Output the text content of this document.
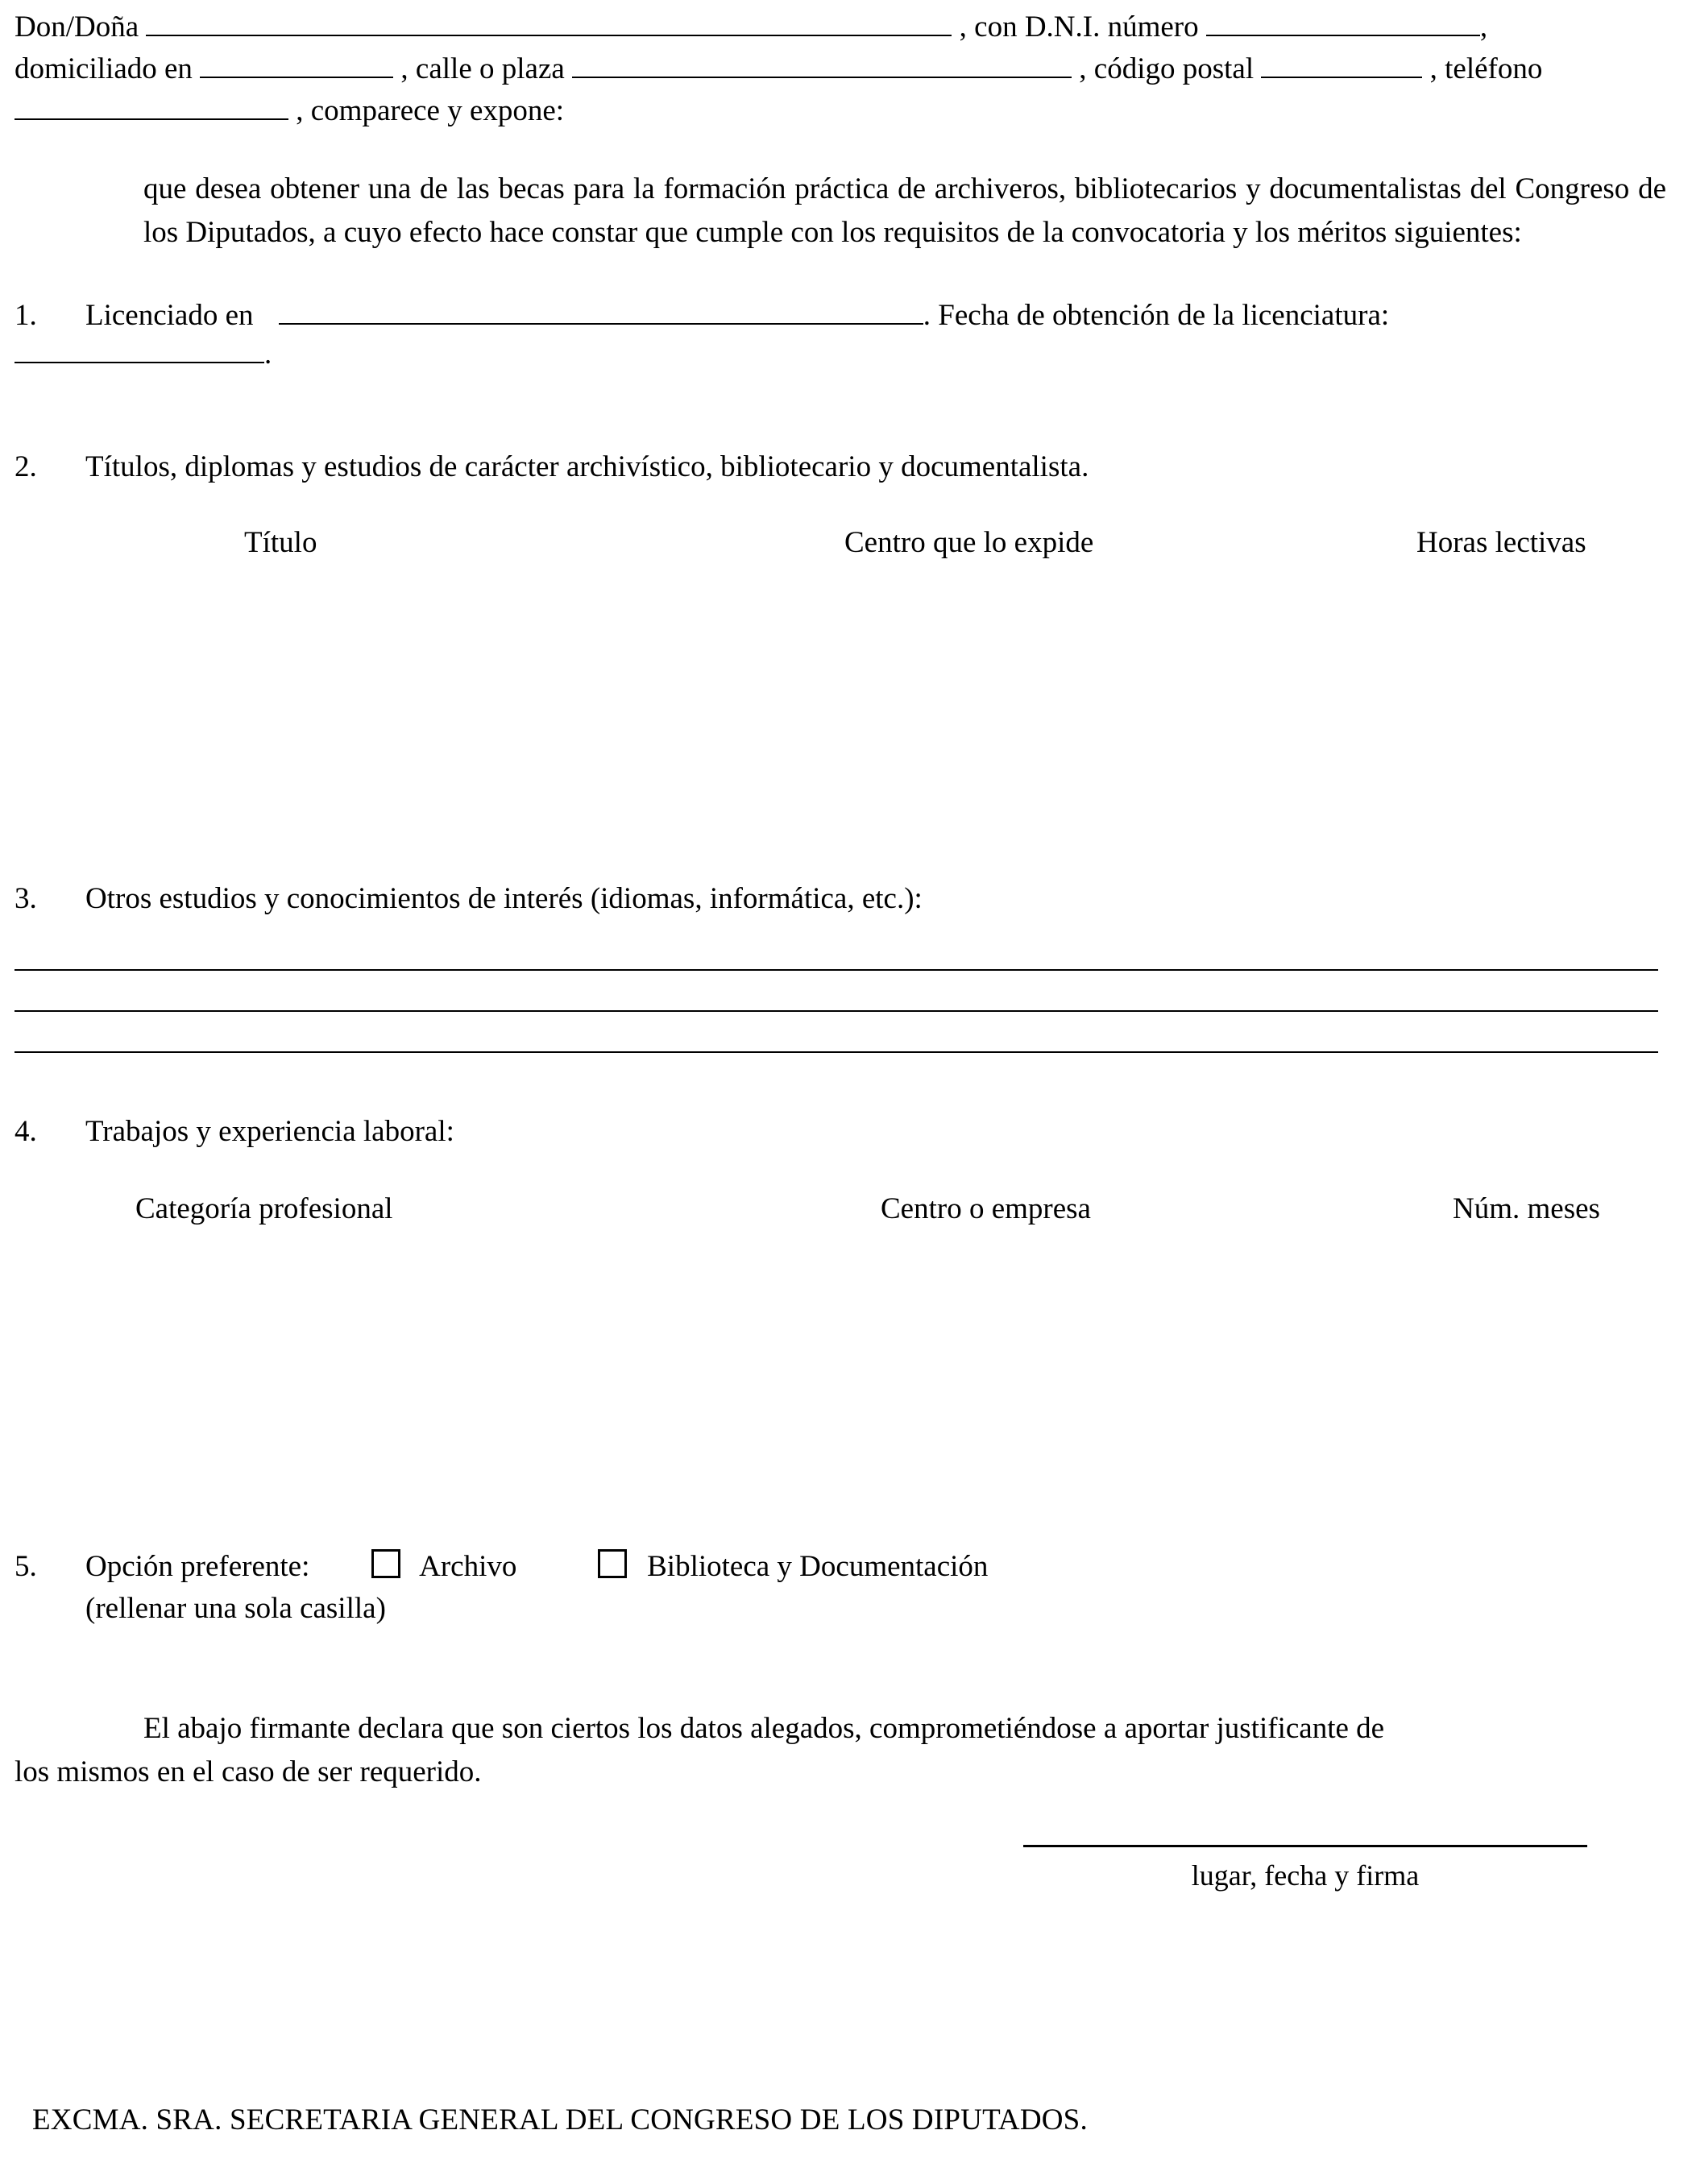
Don/Doña	, con D.N.I. número	,
domiciliado en	, calle o plaza	, código postal	, teléfono
, comparece y expone:
que desea obtener una de las becas para la formación práctica de archiveros, bibliotecarios y documentalistas del Congreso de los Diputados, a cuyo efecto hace constar que cumple con los requisitos de la convocatoria y los méritos siguientes:
1.	Licenciado en	. Fecha de obtención de la licenciatura:
.
2.	Títulos, diplomas y estudios de carácter archivístico, bibliotecario y documentalista.
Título	Centro que lo expide	Horas lectivas
3.	Otros estudios y conocimientos de interés (idiomas, informática, etc.):
4.	Trabajos y experiencia laboral:
Categoría profesional	Centro o empresa	Núm. meses
5.	Opción preferente:	Archivo	Biblioteca y Documentación
(rellenar una sola casilla)
El abajo firmante declara que son ciertos los datos alegados, comprometiéndose a aportar justificante de
los mismos en el caso de ser requerido.
lugar, fecha y firma
EXCMA. SRA. SECRETARIA GENERAL DEL CONGRESO DE LOS DIPUTADOS.
